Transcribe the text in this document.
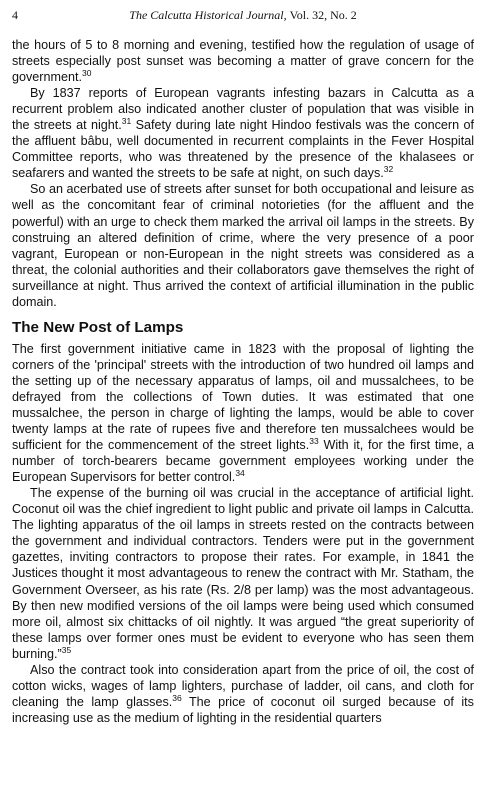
4	The Calcutta Historical Journal, Vol. 32, No. 2

the hours of 5 to 8 morning and evening, testified how the regulation of usage of streets especially post sunset was becoming a matter of grave concern for the government.$^{30}$

By 1837 reports of European vagrants infesting bazars in Calcutta as a recurrent problem also indicated another cluster of population that was visible in the streets at night.$^{31}$ Safety during late night Hindoo festivals was the concern of the affluent bâbu, well documented in recurrent complaints in the Fever Hospital Committee reports, who was threatened by the presence of the khalasees or seafarers and wanted the streets to be safe at night, on such days.$^{32}$

So an acerbated use of streets after sunset for both occupational and leisure as well as the concomitant fear of criminal notorieties (for the affluent and the powerful) with an urge to check them marked the arrival oil lamps in the streets. By construing an altered definition of crime, where the very presence of a poor vagrant, European or non-European in the night streets was considered as a threat, the colonial authorities and their collaborators gave themselves the right of surveillance at night. Thus arrived the context of artificial illumination in the public domain.

The New Post of Lamps

The first government initiative came in 1823 with the proposal of lighting the corners of the 'principal' streets with the introduction of two hundred oil lamps and the setting up of the necessary apparatus of lamps, oil and mussalchees, to be defrayed from the collections of Town duties. It was estimated that one mussalchee, the person in charge of lighting the lamps, would be able to cover twenty lamps at the rate of rupees five and therefore ten mussalchees would be sufficient for the commencement of the street lights.$^{33}$ With it, for the first time, a number of torch-bearers became government employees working under the European Supervisors for better control.$^{34}$

The expense of the burning oil was crucial in the acceptance of artificial light. Coconut oil was the chief ingredient to light public and private oil lamps in Calcutta. The lighting apparatus of the oil lamps in streets rested on the contracts between the government and individual contractors. Tenders were put in the government gazettes, inviting contractors to propose their rates. For example, in 1841 the Justices thought it most advantageous to renew the contract with Mr. Statham, the Government Overseer, as his rate (Rs. 2/8 per lamp) was the most advantageous. By then new modified versions of the oil lamps were being used which consumed more oil, almost six chittacks of oil nightly. It was argued “the great superiority of these lamps over former ones must be evident to everyone who has seen them burning.”$^{35}$

Also the contract took into consideration apart from the price of oil, the cost of cotton wicks, wages of lamp lighters, purchase of ladder, oil cans, and cloth for cleaning the lamp glasses.$^{36}$ The price of coconut oil surged because of its increasing use as the medium of lighting in the residential quarters
